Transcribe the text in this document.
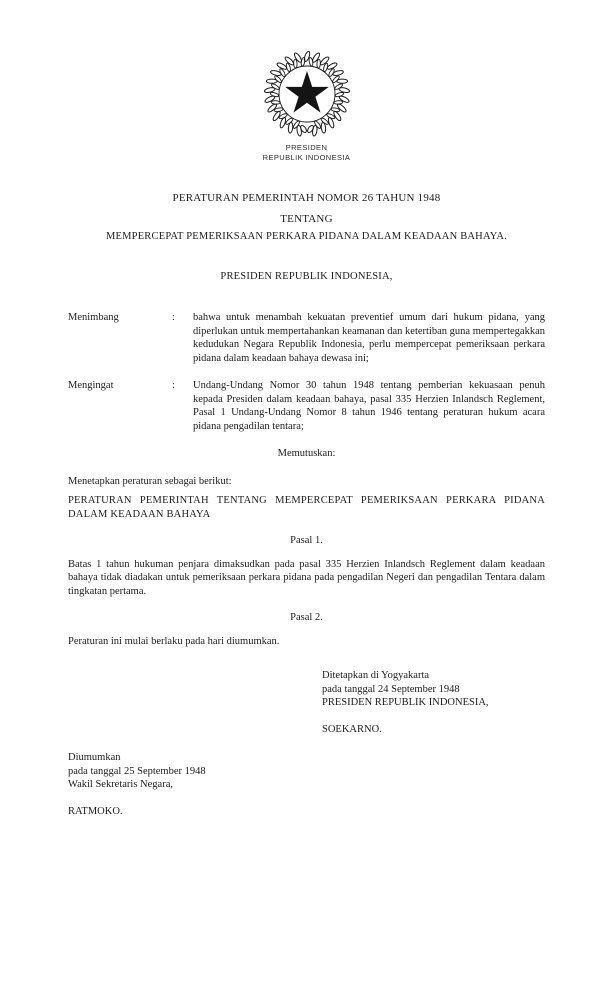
PRESIDEN
REPUBLIK INDONESIA
PERATURAN PEMERINTAH NOMOR 26 TAHUN 1948
TENTANG
MEMPERCEPAT PEMERIKSAAN PERKARA PIDANA DALAM KEADAAN BAHAYA.
PRESIDEN REPUBLIK INDONESIA,
Menimbang	:	bahwa untuk menambah kekuatan preventief umum dari hukum pidana, yang diperlukan untuk mempertahankan keamanan dan ketertiban guna mempertegakkan kedudukan Negara Republik Indonesia, perlu mempercepat pemeriksaan perkara pidana dalam keadaan bahaya dewasa ini;
Mengingat	:	Undang-Undang Nomor 30 tahun 1948 tentang pemberian kekuasaan penuh kepada Presiden dalam keadaan bahaya, pasal 335 Herzien Inlandsch Reglement, Pasal 1 Undang-Undang Nomor 8 tahun 1946 tentang peraturan hukum acara pidana pengadilan tentara;
Memutuskan:
Menetapkan peraturan sebagai berikut:
PERATURAN PEMERINTAH TENTANG MEMPERCEPAT PEMERIKSAAN PERKARA PIDANA DALAM KEADAAN BAHAYA
Pasal 1.
Batas 1 tahun hukuman penjara dimaksudkan pada pasal 335 Herzien Inlandsch Reglement dalam keadaan bahaya tidak diadakan untuk pemeriksaan perkara pidana pada pengadilan Negeri dan pengadilan Tentara dalam tingkatan pertama.
Pasal 2.
Peraturan ini mulai berlaku pada hari diumumkan.
Ditetapkan di Yogyakarta
pada tanggal 24 September 1948
PRESIDEN REPUBLIK INDONESIA,
SOEKARNO.
Diumumkan
pada tanggal 25 September 1948
Wakil Sekretaris Negara,
RATMOKO.
